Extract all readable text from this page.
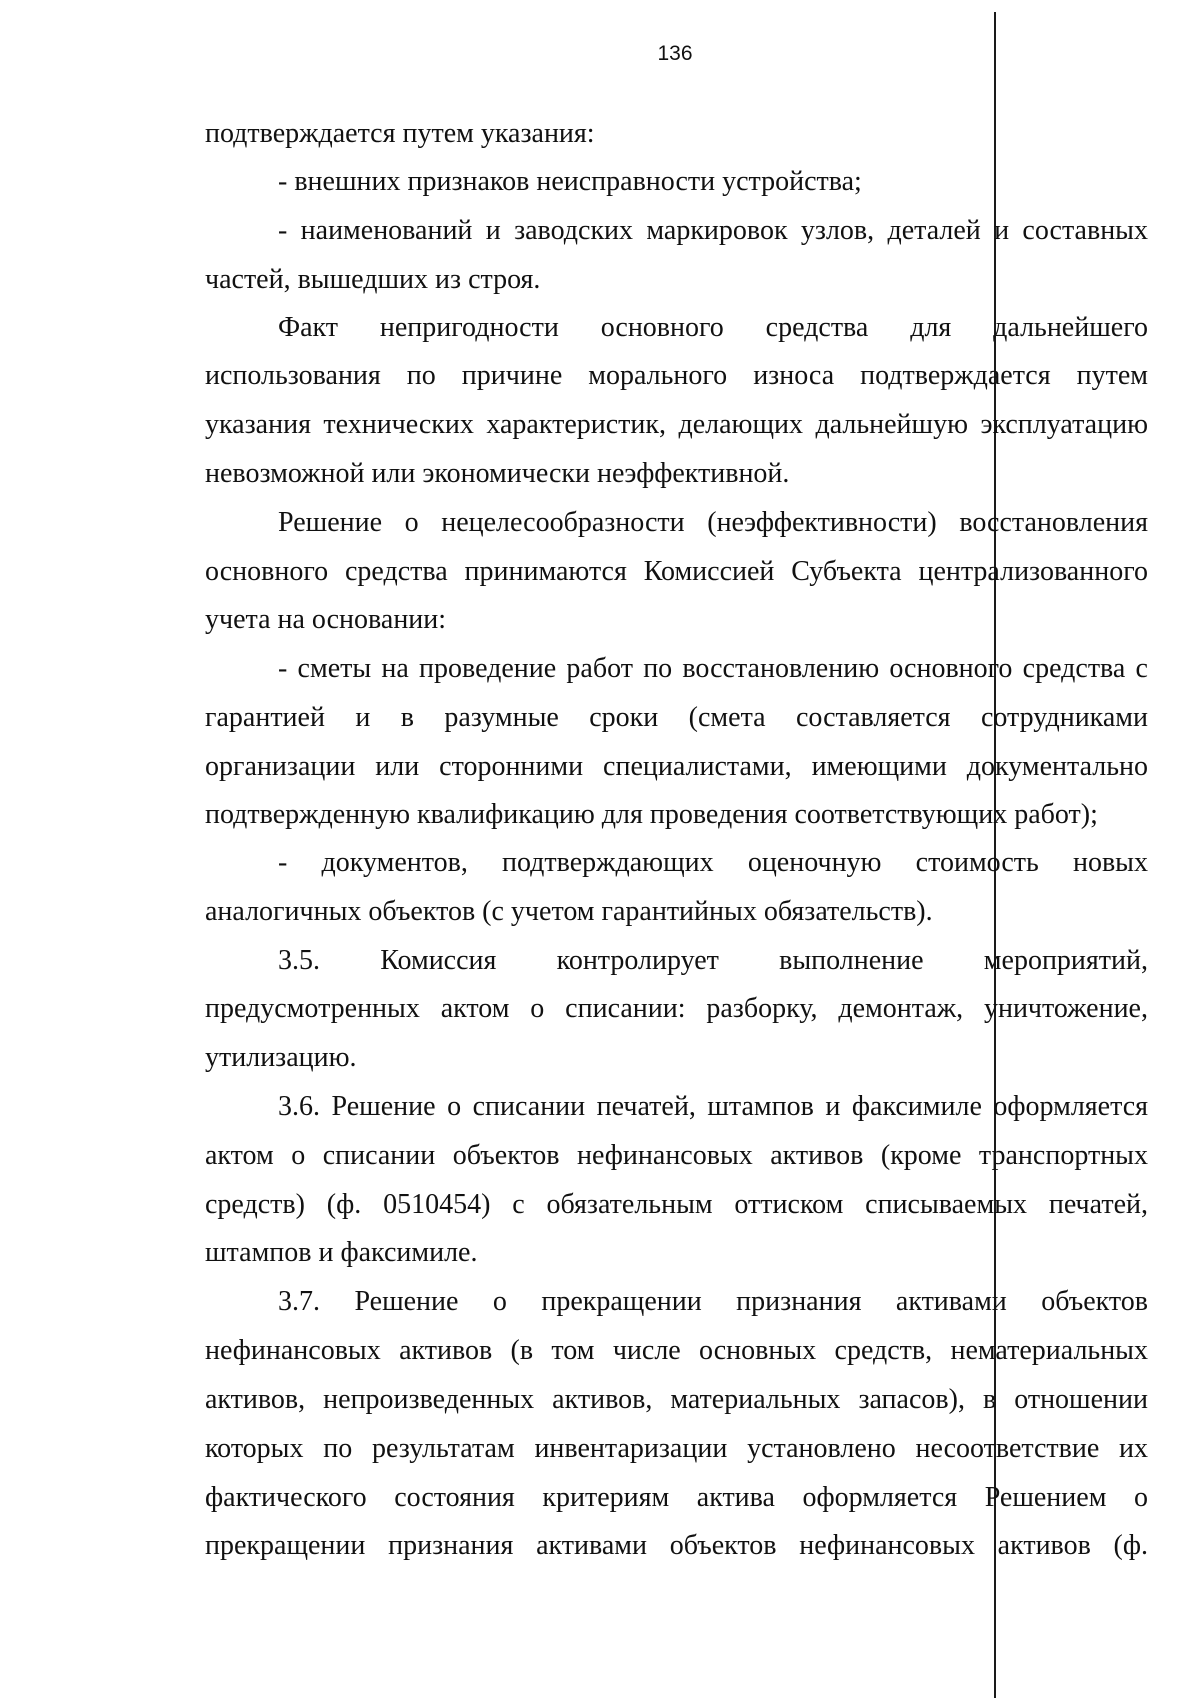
136
подтверждается путем указания:
- внешних признаков неисправности устройства;
- наименований и заводских маркировок узлов, деталей и составных
частей, вышедших из строя.
Факт непригодности основного средства для дальнейшего
использования по причине морального износа подтверждается путем
указания технических характеристик, делающих дальнейшую эксплуатацию
невозможной или экономически неэффективной.
Решение о нецелесообразности (неэффективности) восстановления
основного средства принимаются Комиссией Субъекта централизованного
учета на основании:
- сметы на проведение работ по восстановлению основного средства с
гарантией и в разумные сроки (смета составляется сотрудниками
организации или сторонними специалистами, имеющими документально
подтвержденную квалификацию для проведения соответствующих работ);
- документов, подтверждающих оценочную стоимость новых
аналогичных объектов (с учетом гарантийных обязательств).
3.5. Комиссия контролирует выполнение мероприятий,
предусмотренных актом о списании: разборку, демонтаж, уничтожение,
утилизацию.
3.6. Решение о списании печатей, штампов и факсимиле оформляется
актом о списании объектов нефинансовых активов (кроме транспортных
средств) (ф. 0510454) с обязательным оттиском списываемых печатей,
штампов и факсимиле.
3.7. Решение о прекращении признания активами объектов
нефинансовых активов (в том числе основных средств, нематериальных
активов, непроизведенных активов, материальных запасов), в отношении
которых по результатам инвентаризации установлено несоответствие их
фактического состояния критериям актива оформляется Решением о
прекращении признания активами объектов нефинансовых активов (ф.
